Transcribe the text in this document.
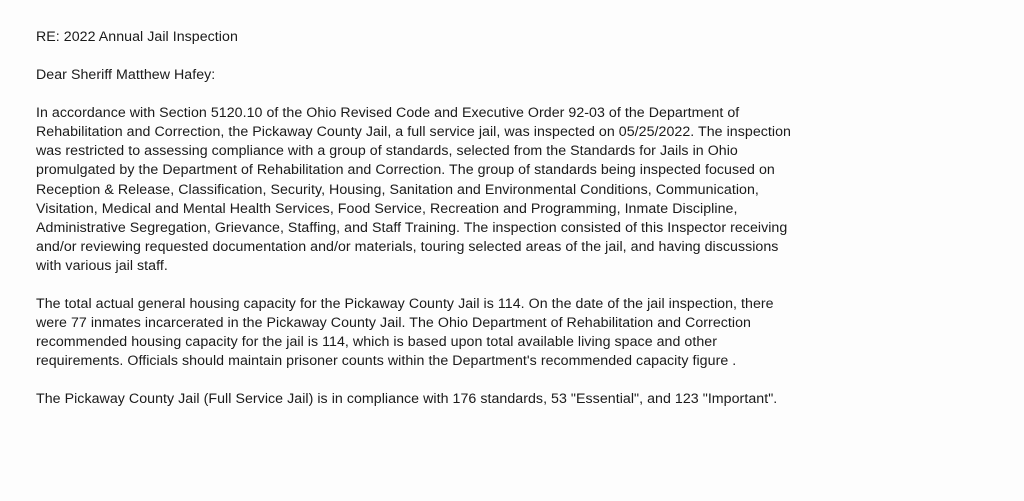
RE: 2022 Annual Jail Inspection

Dear Sheriff Matthew Hafey:

In accordance with Section 5120.10 of the Ohio Revised Code and Executive Order 92-03 of the Department of
Rehabilitation and Correction, the Pickaway County Jail, a full service jail, was inspected on 05/25/2022. The inspection
was restricted to assessing compliance with a group of standards, selected from the Standards for Jails in Ohio
promulgated by the Department of Rehabilitation and Correction. The group of standards being inspected focused on
Reception & Release, Classification, Security, Housing, Sanitation and Environmental Conditions, Communication,
Visitation, Medical and Mental Health Services, Food Service, Recreation and Programming, Inmate Discipline,
Administrative Segregation, Grievance, Staffing, and Staff Training. The inspection consisted of this Inspector receiving
and/or reviewing requested documentation and/or materials, touring selected areas of the jail, and having discussions
with various jail staff.

The total actual general housing capacity for the Pickaway County Jail is 114. On the date of the jail inspection, there
were 77 inmates incarcerated in the Pickaway County Jail. The Ohio Department of Rehabilitation and Correction
recommended housing capacity for the jail is 114, which is based upon total available living space and other
requirements. Officials should maintain prisoner counts within the Department's recommended capacity figure .

The Pickaway County Jail (Full Service Jail) is in compliance with 176 standards, 53 "Essential", and 123 "Important".
